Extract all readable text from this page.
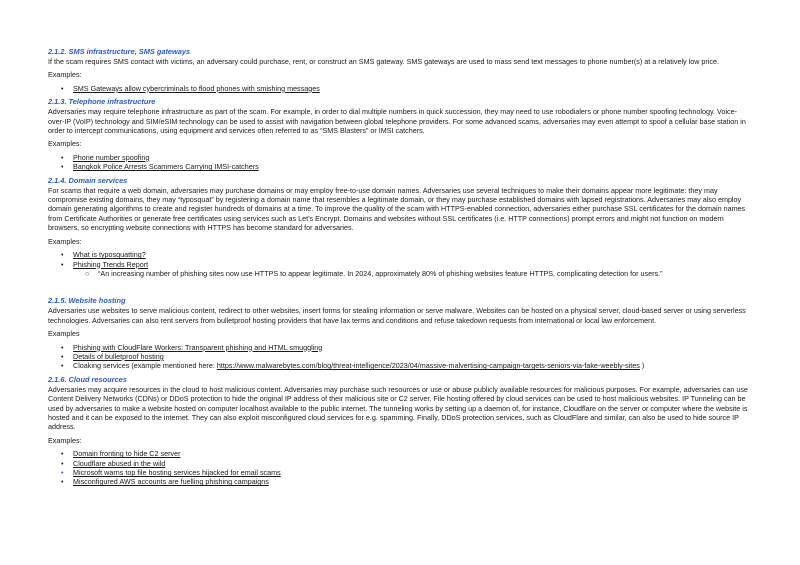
2.1.2. SMS infrastructure, SMS gateways

If the scam requires SMS contact with victims, an adversary could purchase, rent, or construct an SMS gateway. SMS gateways are used to mass send text messages to phone number(s) at a relatively low price.

Examples:

• SMS Gateways allow cybercriminals to flood phones with smishing messages
2.1.3. Telephone infrastructure

Adversaries may require telephone infrastructure as part of the scam. For example, in order to dial multiple numbers in quick succession, they may need to use robodialers or phone number spoofing technology. Voice-over-IP (VoIP) technology and SIM/eSIM technology can be used to assist with navigation between global telephone providers. For some advanced scams, adversaries may even attempt to spoof a cellular base station in order to intercept communications, using equipment and services often referred to as “SMS Blasters” or IMSI catchers.

Examples:

• Phone number spoofing
• Bangkok Police Arrests Scammers Carrying IMSI-catchers
2.1.4. Domain services

For scams that require a web domain, adversaries may purchase domains or may employ free-to-use domain names. Adversaries use several techniques to make their domains appear more legitimate: they may compromise existing domains, they may “typosquat” by registering a domain name that resembles a legitimate domain, or they may purchase established domains with lapsed registrations. Adversaries may also employ domain generating algorithms to create and register hundreds of domains at a time. To improve the quality of the scam with HTTPS-enabled connection, adversaries either purchase SSL certificates for the domain names from Certificate Authorities or generate free certificates using services such as Let’s Encrypt. Domains and websites without SSL certificates (i.e. HTTP connections) prompt errors and might not function on modern browsers, so encrypting website connections with HTTPS has become standard for adversaries.

Examples:

• What is typosquatting?
• Phishing Trends Report
○ “An increasing number of phishing sites now use HTTPS to appear legitimate. In 2024, approximately 80% of phishing websites feature HTTPS, complicating detection for users.”
2.1.5. Website hosting

Adversaries use websites to serve malicious content, redirect to other websites, insert forms for stealing information or serve malware. Websites can be hosted on a physical server, cloud-based server or using serverless technologies. Adversaries can also rent servers from bulletproof hosting providers that have lax terms and conditions and refuse takedown requests from international or local law enforcement.

Examples

• Phishing with CloudFlare Workers: Transparent phishing and HTML smuggling
• Details of bulletproof hosting
• Cloaking services (example mentioned here: https://www.malwarebytes.com/blog/threat-intelligence/2023/04/massive-malvertising-campaign-targets-seniors-via-fake-weebly-sites )
2.1.6. Cloud resources

Adversaries may acquire resources in the cloud to host malicious content. Adversaries may purchase such resources or use or abuse publicly available resources for malicious purposes. For example, adversaries can use Content Delivery Networks (CDNs) or DDoS protection to hide the original IP address of their malicious site or C2 server. File hosting offered by cloud services can be used to host malicious websites. IP Tunneling can be used by adversaries to make a website hosted on computer localhost available to the public internet. The tunneling works by setting up a daemon of, for instance, Cloudflare on the server or computer where the website is hosted and it can be exposed to the internet. They can also exploit misconfigured cloud services for e.g. spamming. Finally, DDoS protection services, such as CloudFlare and similar, can also be used to hide source IP address.

Examples:

• Domain fronting to hide C2 server
• Cloudflare abused in the wild
• Microsoft warns top file hosting services hijacked for email scams
• Misconfigured AWS accounts are fuelling phishing campaigns
